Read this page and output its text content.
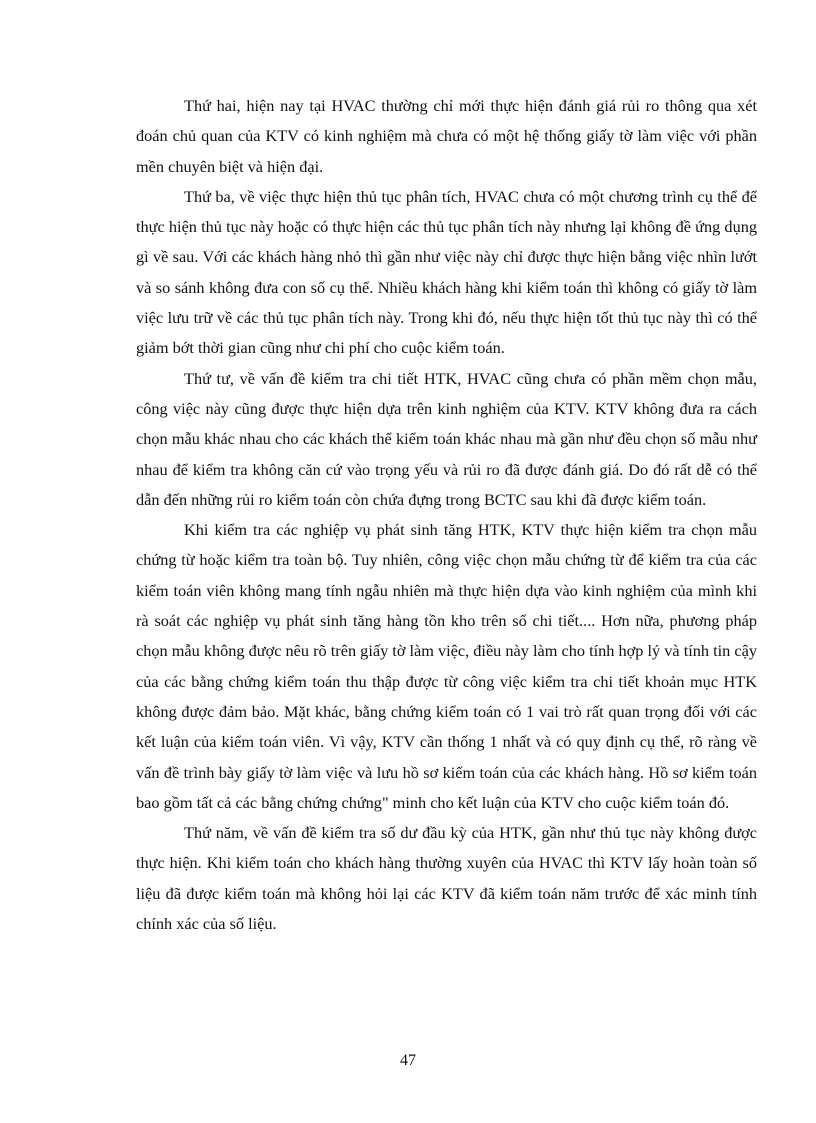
Thứ hai, hiện nay tại HVAC thường chỉ mới thực hiện đánh giá rủi ro thông qua xét đoán chủ quan của KTV có kinh nghiệm mà chưa có một hệ thống giấy tờ làm việc với phần mền chuyên biệt và hiện đại.

Thứ ba, về việc thực hiện thủ tục phân tích, HVAC chưa có một chương trình cụ thể để thực hiện thủ tục này hoặc có thực hiện các thủ tục phân tích này nhưng lại không đề ứng dụng gì về sau. Với các khách hàng nhỏ thì gần như việc này chỉ được thực hiện bằng việc nhìn lướt và so sánh không đưa con số cụ thể. Nhiều khách hàng khi kiểm toán thì không có giấy tờ làm việc lưu trữ về các thủ tục phân tích này. Trong khi đó, nếu thực hiện tốt thủ tục này thì có thể giảm bớt thời gian cũng như chi phí cho cuộc kiểm toán.

Thứ tư, về vấn đề kiểm tra chi tiết HTK, HVAC cũng chưa có phần mềm chọn mẫu, công việc này cũng được thực hiện dựa trên kinh nghiệm của KTV. KTV không đưa ra cách chọn mẫu khác nhau cho các khách thể kiểm toán khác nhau mà gần như đều chọn số mẫu như nhau để kiểm tra không căn cứ vào trọng yếu và rủi ro đã được đánh giá. Do đó rất dễ có thể dẫn đến những rủi ro kiểm toán còn chứa đựng trong BCTC sau khi đã được kiểm toán.

Khi kiểm tra các nghiệp vụ phát sinh tăng HTK, KTV thực hiện kiểm tra chọn mẫu chứng từ hoặc kiểm tra toàn bộ. Tuy nhiên, công việc chọn mẫu chứng từ để kiểm tra của các kiểm toán viên không mang tính ngẫu nhiên mà thực hiện dựa vào kinh nghiệm của mình khi rà soát các nghiệp vụ phát sinh tăng hàng tồn kho trên sổ chi tiết.... Hơn nữa, phương pháp chọn mẫu không được nêu rõ trên giấy tờ làm việc, điều này làm cho tính hợp lý và tính tin cậy của các bằng chứng kiểm toán thu thập được từ công việc kiểm tra chi tiết khoản mục HTK không được đảm bảo. Mặt khác, bằng chứng kiểm toán có 1 vai trò rất quan trọng đối với các kết luận của kiểm toán viên. Vì vậy, KTV cần thống 1 nhất và có quy định cụ thể, rõ ràng về vấn đề trình bày giấy tờ làm việc và lưu hồ sơ kiểm toán của các khách hàng. Hồ sơ kiểm toán bao gồm tất cả các bằng chứng chứng" minh cho kết luận của KTV cho cuộc kiểm toán đó.

Thứ năm, về vấn đề kiểm tra số dư đầu kỳ của HTK, gần như thủ tục này không được thực hiện. Khi kiểm toán cho khách hàng thường xuyên của HVAC thì KTV lấy hoàn toàn số liệu đã được kiểm toán mà không hỏi lại các KTV đã kiểm toán năm trước để xác minh tính chính xác của số liệu.

47
